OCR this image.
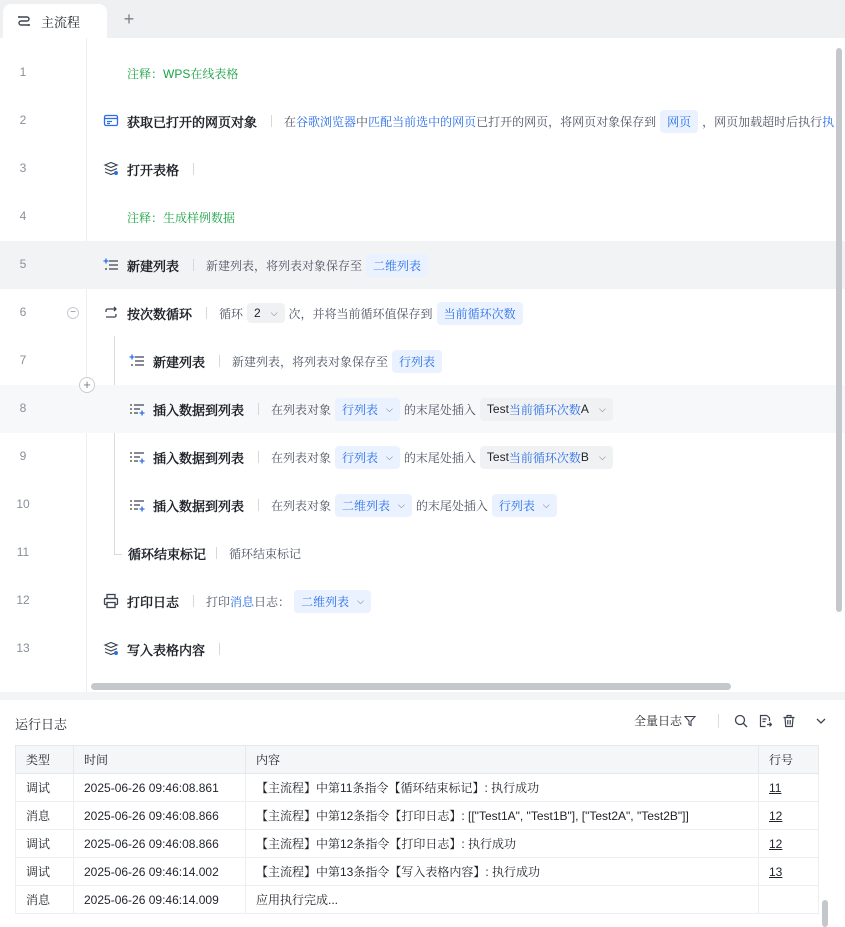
主流程 +
1	注释：WPS在线表格
2	获取已打开的网页对象 在 谷歌浏览器 中 匹配当前选中的网页 已打开的网页，将网页对象保存到 网页 ，网页加载超时后执行 执
3	打开表格
4	注释：生成样例数据
5	新建列表 新建列表，将列表对象保存至 二维列表
6	−	按次数循环 循环 2 ⌵ 次，并将当前循环值保存到 当前循环次数
7	新建列表 新建列表，将列表对象保存至 行列表
8	插入数据到列表 在列表对象 行列表 ⌵ 的末尾处插入 Test 当前循环次数 A ⌵
9	插入数据到列表 在列表对象 行列表 ⌵ 的末尾处插入 Test 当前循环次数 B ⌵
10	插入数据到列表 在列表对象 二维列表 ⌵ 的末尾处插入 行列表 ⌵
11	循环结束标记 循环结束标记
12	打印日志 打印 消息 日志： 二维列表 ⌵
13	写入表格内容
+
运行日志	全量日志
类型	时间	内容	行号
调试	2025-06-26 09:46:08.861	【主流程】中第11条指令【循环结束标记】: 执行成功	11
消息	2025-06-26 09:46:08.866	【主流程】中第12条指令【打印日志】: [["Test1A", "Test1B"], ["Test2A", "Test2B"]]	12
调试	2025-06-26 09:46:08.866	【主流程】中第12条指令【打印日志】: 执行成功	12
调试	2025-06-26 09:46:14.002	【主流程】中第13条指令【写入表格内容】: 执行成功	13
消息	2025-06-26 09:46:14.009	应用执行完成...	
